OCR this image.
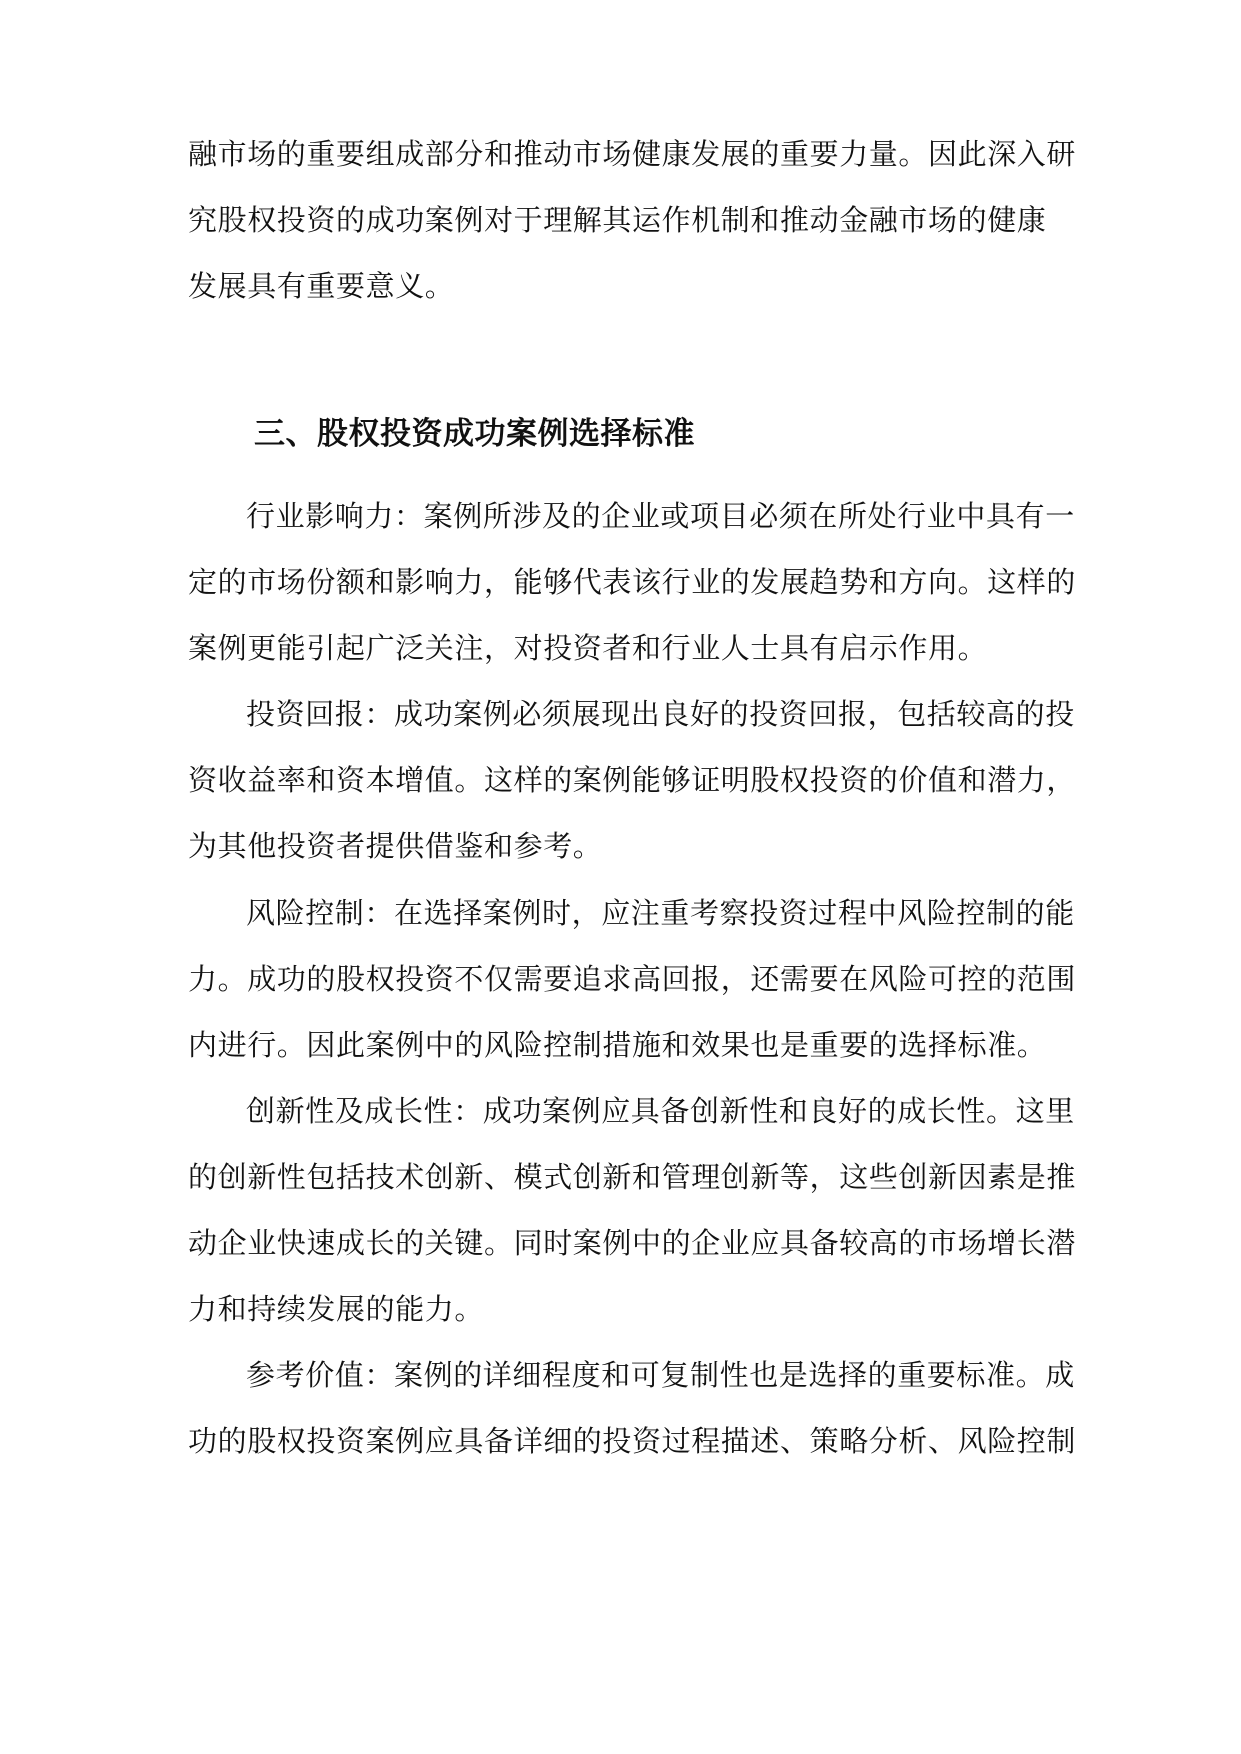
融市场的重要组成部分和推动市场健康发展的重要力量。因此深入研
究股权投资的成功案例对于理解其运作机制和推动金融市场的健康
发展具有重要意义。
三、股权投资成功案例选择标准
行业影响力：案例所涉及的企业或项目必须在所处行业中具有一
定的市场份额和影响力，能够代表该行业的发展趋势和方向。这样的
案例更能引起广泛关注，对投资者和行业人士具有启示作用。
投资回报：成功案例必须展现出良好的投资回报，包括较高的投
资收益率和资本增值。这样的案例能够证明股权投资的价值和潜力，
为其他投资者提供借鉴和参考。
风险控制：在选择案例时，应注重考察投资过程中风险控制的能
力。成功的股权投资不仅需要追求高回报，还需要在风险可控的范围
内进行。因此案例中的风险控制措施和效果也是重要的选择标准。
创新性及成长性：成功案例应具备创新性和良好的成长性。这里
的创新性包括技术创新、模式创新和管理创新等，这些创新因素是推
动企业快速成长的关键。同时案例中的企业应具备较高的市场增长潜
力和持续发展的能力。
参考价值：案例的详细程度和可复制性也是选择的重要标准。成
功的股权投资案例应具备详细的投资过程描述、策略分析、风险控制
